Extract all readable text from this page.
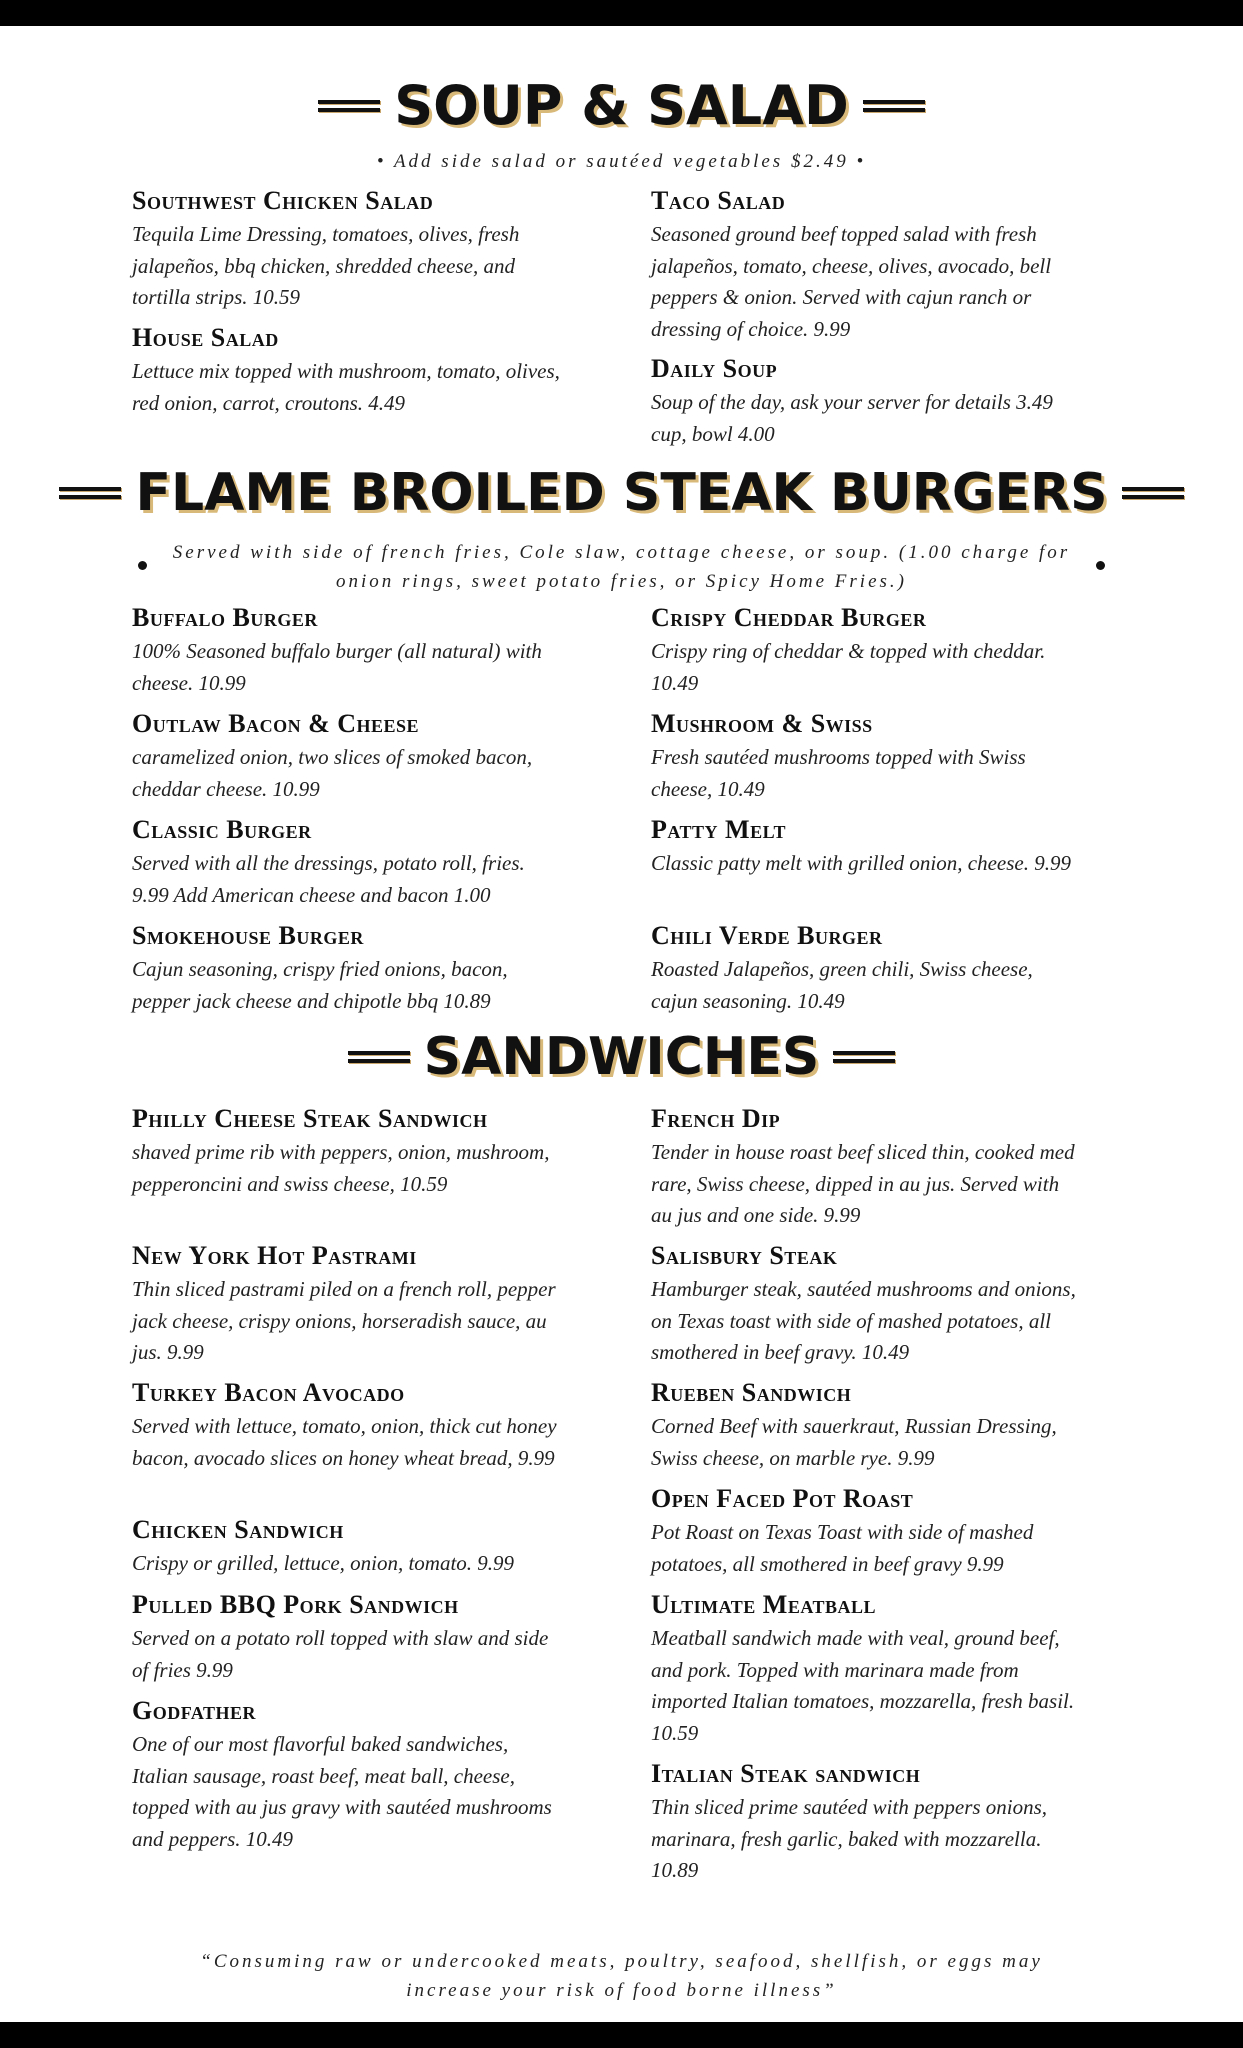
SOUP & SALAD
• Add side salad or sautéed vegetables $2.49 •
Southwest Chicken Salad
Tequila Lime Dressing, tomatoes, olives, fresh jalapeños, bbq chicken, shredded cheese, and tortilla strips. 10.59
House Salad
Lettuce mix topped with mushroom, tomato, olives, red onion, carrot, croutons. 4.49
Taco Salad
Seasoned ground beef topped salad with fresh jalapeños, tomato, cheese, olives, avocado, bell peppers & onion. Served with cajun ranch or dressing of choice. 9.99
Daily Soup
Soup of the day, ask your server for details 3.49 cup, bowl 4.00
FLAME BROILED STEAK BURGERS
Served with side of french fries, Cole slaw, cottage cheese, or soup. (1.00 charge for onion rings, sweet potato fries, or Spicy Home Fries.)
Buffalo Burger
100% Seasoned buffalo burger (all natural) with cheese. 10.99
Outlaw Bacon & Cheese
caramelized onion, two slices of smoked bacon, cheddar cheese. 10.99
Classic Burger
Served with all the dressings, potato roll, fries. 9.99 Add American cheese and bacon 1.00
Smokehouse Burger
Cajun seasoning, crispy fried onions, bacon, pepper jack cheese and chipotle bbq 10.89
Crispy Cheddar Burger
Crispy ring of cheddar & topped with cheddar. 10.49
Mushroom & Swiss
Fresh sautéed mushrooms topped with Swiss cheese, 10.49
Patty Melt
Classic patty melt with grilled onion, cheese. 9.99
Chili Verde Burger
Roasted Jalapeños, green chili, Swiss cheese, cajun seasoning. 10.49
SANDWICHES
Philly Cheese Steak Sandwich
shaved prime rib with peppers, onion, mushroom, pepperoncini and swiss cheese, 10.59
New York Hot Pastrami
Thin sliced pastrami piled on a french roll, pepper jack cheese, crispy onions, horseradish sauce, au jus. 9.99
Turkey Bacon Avocado
Served with lettuce, tomato, onion, thick cut honey bacon, avocado slices on honey wheat bread, 9.99
Chicken Sandwich
Crispy or grilled, lettuce, onion, tomato. 9.99
Pulled BBQ Pork Sandwich
Served on a potato roll topped with slaw and side of fries 9.99
Godfather
One of our most flavorful baked sandwiches, Italian sausage, roast beef, meat ball, cheese, topped with au jus gravy with sautéed mushrooms and peppers. 10.49
French Dip
Tender in house roast beef sliced thin, cooked med rare, Swiss cheese, dipped in au jus. Served with au jus and one side. 9.99
Salisbury Steak
Hamburger steak, sautéed mushrooms and onions, on Texas toast with side of mashed potatoes, all smothered in beef gravy. 10.49
Rueben Sandwich
Corned Beef with sauerkraut, Russian Dressing, Swiss cheese, on marble rye. 9.99
Open Faced Pot Roast
Pot Roast on Texas Toast with side of mashed potatoes, all smothered in beef gravy 9.99
Ultimate Meatball
Meatball sandwich made with veal, ground beef, and pork. Topped with marinara made from imported Italian tomatoes, mozzarella, fresh basil. 10.59
Italian Steak sandwich
Thin sliced prime sautéed with peppers onions, marinara, fresh garlic, baked with mozzarella. 10.89
“Consuming raw or undercooked meats, poultry, seafood, shellfish, or eggs may increase your risk of food borne illness”
